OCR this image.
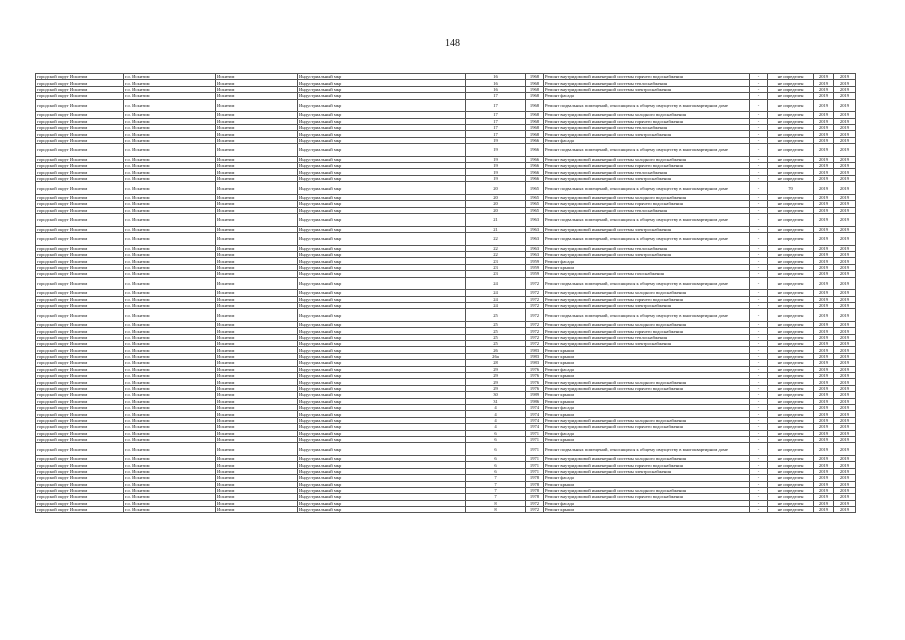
148
городской округ Искитим	г.о. Искитим	Искитим	Индустриальный мкр	16	1968	Ремонт внутридомовой инженерной системы горячего водоснабжения	-	не определен	2019	2019
городской округ Искитим	г.о. Искитим	Искитим	Индустриальный мкр	16	1968	Ремонт внутридомовой инженерной системы теплоснабжения	-	не определен	2019	2019
городской округ Искитим	г.о. Искитим	Искитим	Индустриальный мкр	16	1968	Ремонт внутридомовой инженерной системы электроснабжения	-	не определен	2019	2019
городской округ Искитим	г.о. Искитим	Искитим	Индустриальный мкр	17	1968	Ремонт фасада	-	не определен	2019	2019
городской округ Искитим	г.о. Искитим	Искитим	Индустриальный мкр	17	1968	Ремонт подвальных помещений, относящихся к общему имуществу в многоквартирном доме	-	не определен	2019	2019
городской округ Искитим	г.о. Искитим	Искитим	Индустриальный мкр	17	1968	Ремонт внутридомовой инженерной системы холодного водоснабжения	-	не определен	2019	2019
городской округ Искитим	г.о. Искитим	Искитим	Индустриальный мкр	17	1968	Ремонт внутридомовой инженерной системы горячего водоснабжения	-	не определен	2019	2019
городской округ Искитим	г.о. Искитим	Искитим	Индустриальный мкр	17	1968	Ремонт внутридомовой инженерной системы теплоснабжения	-	не определен	2019	2019
городской округ Искитим	г.о. Искитим	Искитим	Индустриальный мкр	17	1968	Ремонт внутридомовой инженерной системы электроснабжения	-	не определен	2019	2019
городской округ Искитим	г.о. Искитим	Искитим	Индустриальный мкр	19	1966	Ремонт фасада	-	не определен	2019	2019
городской округ Искитим	г.о. Искитим	Искитим	Индустриальный мкр	19	1966	Ремонт подвальных помещений, относящихся к общему имуществу в многоквартирном доме	-	не определен	2019	2019
городской округ Искитим	г.о. Искитим	Искитим	Индустриальный мкр	19	1966	Ремонт внутридомовой инженерной системы холодного водоснабжения	-	не определен	2019	2019
городской округ Искитим	г.о. Искитим	Искитим	Индустриальный мкр	19	1966	Ремонт внутридомовой инженерной системы горячего водоснабжения	-	не определен	2019	2019
городской округ Искитим	г.о. Искитим	Искитим	Индустриальный мкр	19	1966	Ремонт внутридомовой инженерной системы теплоснабжения	-	не определен	2019	2019
городской округ Искитим	г.о. Искитим	Искитим	Индустриальный мкр	19	1966	Ремонт внутридомовой инженерной системы электроснабжения	-	не определен	2019	2019
городской округ Искитим	г.о. Искитим	Искитим	Индустриальный мкр	20	1965	Ремонт подвальных помещений, относящихся к общему имуществу в многоквартирном доме	-	70	2019	2019
городской округ Искитим	г.о. Искитим	Искитим	Индустриальный мкр	20	1965	Ремонт внутридомовой инженерной системы холодного водоснабжения	-	не определен	2019	2019
городской округ Искитим	г.о. Искитим	Искитим	Индустриальный мкр	20	1965	Ремонт внутридомовой инженерной системы горячего водоснабжения	-	не определен	2019	2019
городской округ Искитим	г.о. Искитим	Искитим	Индустриальный мкр	20	1965	Ремонт внутридомовой инженерной системы теплоснабжения	-	не определен	2019	2019
городской округ Искитим	г.о. Искитим	Искитим	Индустриальный мкр	21	1963	Ремонт подвальных помещений, относящихся к общему имуществу в многоквартирном доме	-	не определен	2019	2019
городской округ Искитим	г.о. Искитим	Искитим	Индустриальный мкр	21	1963	Ремонт внутридомовой инженерной системы электроснабжения	-	не определен	2019	2019
городской округ Искитим	г.о. Искитим	Искитим	Индустриальный мкр	22	1963	Ремонт подвальных помещений, относящихся к общему имуществу в многоквартирном доме	-	не определен	2019	2019
городской округ Искитим	г.о. Искитим	Искитим	Индустриальный мкр	22	1963	Ремонт внутридомовой инженерной системы теплоснабжения	-	не определен	2019	2019
городской округ Искитим	г.о. Искитим	Искитим	Индустриальный мкр	22	1963	Ремонт внутридомовой инженерной системы электроснабжения	-	не определен	2019	2019
городской округ Искитим	г.о. Искитим	Искитим	Индустриальный мкр	23	1959	Ремонт фасада	-	не определен	2019	2019
городской округ Искитим	г.о. Искитим	Искитим	Индустриальный мкр	23	1959	Ремонт крыши	-	не определен	2019	2019
городской округ Искитим	г.о. Искитим	Искитим	Индустриальный мкр	23	1959	Ремонт внутридомовой инженерной системы газоснабжения	-	не определен	2019	2019
городской округ Искитим	г.о. Искитим	Искитим	Индустриальный мкр	24	1972	Ремонт подвальных помещений, относящихся к общему имуществу в многоквартирном доме	-	не определен	2019	2019
городской округ Искитим	г.о. Искитим	Искитим	Индустриальный мкр	24	1972	Ремонт внутридомовой инженерной системы холодного водоснабжения	-	не определен	2019	2019
городской округ Искитим	г.о. Искитим	Искитим	Индустриальный мкр	24	1972	Ремонт внутридомовой инженерной системы горячего водоснабжения	-	не определен	2019	2019
городской округ Искитим	г.о. Искитим	Искитим	Индустриальный мкр	24	1972	Ремонт внутридомовой инженерной системы электроснабжения	-	не определен	2019	2019
городской округ Искитим	г.о. Искитим	Искитим	Индустриальный мкр	25	1972	Ремонт подвальных помещений, относящихся к общему имуществу в многоквартирном доме	-	не определен	2019	2019
городской округ Искитим	г.о. Искитим	Искитим	Индустриальный мкр	25	1972	Ремонт внутридомовой инженерной системы холодного водоснабжения	-	не определен	2019	2019
городской округ Искитим	г.о. Искитим	Искитим	Индустриальный мкр	25	1972	Ремонт внутридомовой инженерной системы горячего водоснабжения	-	не определен	2019	2019
городской округ Искитим	г.о. Искитим	Искитим	Индустриальный мкр	25	1972	Ремонт внутридомовой инженерной системы теплоснабжения	-	не определен	2019	2019
городской округ Искитим	г.о. Искитим	Искитим	Индустриальный мкр	25	1972	Ремонт внутридомовой инженерной системы электроснабжения	-	не определен	2019	2019
городской округ Искитим	г.о. Искитим	Искитим	Индустриальный мкр	26	1983	Ремонт крыши	-	не определен	2019	2019
городской округ Искитим	г.о. Искитим	Искитим	Индустриальный мкр	26а	1983	Ремонт крыши	-	не определен	2019	2019
городской округ Искитим	г.о. Искитим	Искитим	Индустриальный мкр	28	1983	Ремонт крыши	-	не определен	2019	2019
городской округ Искитим	г.о. Искитим	Искитим	Индустриальный мкр	29	1976	Ремонт фасада	-	не определен	2019	2019
городской округ Искитим	г.о. Искитим	Искитим	Индустриальный мкр	29	1976	Ремонт крыши	-	не определен	2019	2019
городской округ Искитим	г.о. Искитим	Искитим	Индустриальный мкр	29	1976	Ремонт внутридомовой инженерной системы холодного водоснабжения	-	не определен	2019	2019
городской округ Искитим	г.о. Искитим	Искитим	Индустриальный мкр	29	1976	Ремонт внутридомовой инженерной системы горячего водоснабжения	-	не определен	2019	2019
городской округ Искитим	г.о. Искитим	Искитим	Индустриальный мкр	30	1989	Ремонт крыши	-	не определен	2019	2019
городской округ Искитим	г.о. Искитим	Искитим	Индустриальный мкр	31	1986	Ремонт крыши	-	не определен	2019	2019
городской округ Искитим	г.о. Искитим	Искитим	Индустриальный мкр	4	1974	Ремонт фасада	-	не определен	2019	2019
городской округ Искитим	г.о. Искитим	Искитим	Индустриальный мкр	4	1974	Ремонт крыши	-	не определен	2019	2019
городской округ Искитим	г.о. Искитим	Искитим	Индустриальный мкр	4	1974	Ремонт внутридомовой инженерной системы холодного водоснабжения	-	не определен	2019	2019
городской округ Искитим	г.о. Искитим	Искитим	Индустриальный мкр	4	1974	Ремонт внутридомовой инженерной системы горячего водоснабжения	-	не определен	2019	2019
городской округ Искитим	г.о. Искитим	Искитим	Индустриальный мкр	6	1971	Ремонт фасада	-	не определен	2019	2019
городской округ Искитим	г.о. Искитим	Искитим	Индустриальный мкр	6	1971	Ремонт крыши	-	не определен	2019	2019
городской округ Искитим	г.о. Искитим	Искитим	Индустриальный мкр	6	1971	Ремонт подвальных помещений, относящихся к общему имуществу в многоквартирном доме	-	не определен	2019	2019
городской округ Искитим	г.о. Искитим	Искитим	Индустриальный мкр	6	1971	Ремонт внутридомовой инженерной системы холодного водоснабжения	-	не определен	2019	2019
городской округ Искитим	г.о. Искитим	Искитим	Индустриальный мкр	6	1971	Ремонт внутридомовой инженерной системы горячего водоснабжения	-	не определен	2019	2019
городской округ Искитим	г.о. Искитим	Искитим	Индустриальный мкр	6	1971	Ремонт внутридомовой инженерной системы электроснабжения	-	не определен	2019	2019
городской округ Искитим	г.о. Искитим	Искитим	Индустриальный мкр	7	1978	Ремонт фасада	-	не определен	2019	2019
городской округ Искитим	г.о. Искитим	Искитим	Индустриальный мкр	7	1978	Ремонт крыши	-	не определен	2019	2019
городской округ Искитим	г.о. Искитим	Искитим	Индустриальный мкр	7	1978	Ремонт внутридомовой инженерной системы холодного водоснабжения	-	не определен	2019	2019
городской округ Искитим	г.о. Искитим	Искитим	Индустриальный мкр	7	1978	Ремонт внутридомовой инженерной системы горячего водоснабжения	-	не определен	2019	2019
городской округ Искитим	г.о. Искитим	Искитим	Индустриальный мкр	8	1972	Ремонт фасада	-	не определен	2019	2019
городской округ Искитим	г.о. Искитим	Искитим	Индустриальный мкр	8	1972	Ремонт крыши	-	не определен	2019	2019
